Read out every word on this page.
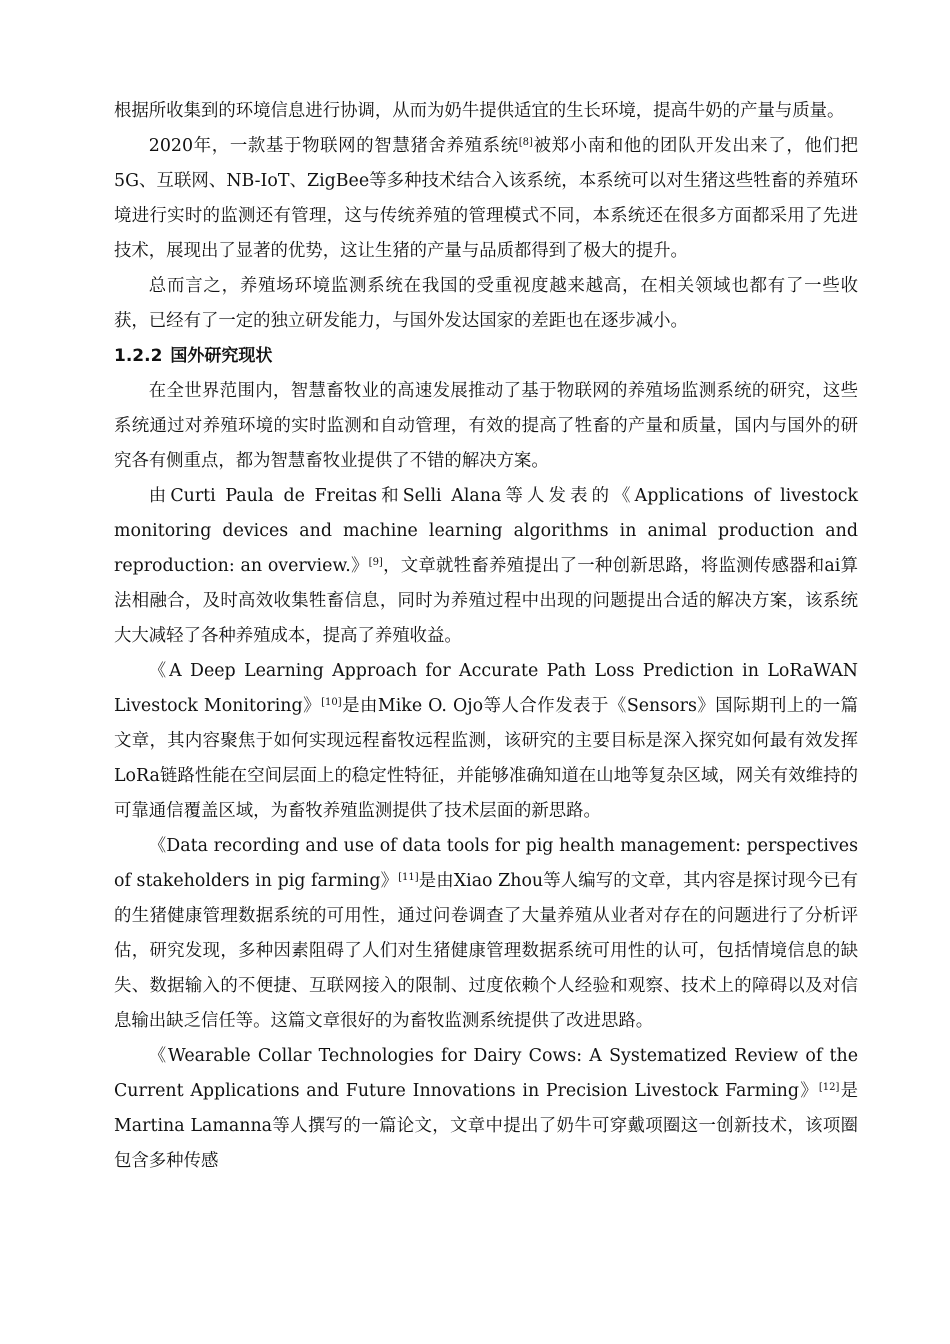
根据所收集到的环境信息进行协调，从而为奶牛提供适宜的生长环境，提高牛奶的产量与质量。

2020年，一款基于物联网的智慧猪舍养殖系统[8]被郑小南和他的团队开发出来了，他们把5G、互联网、NB-IoT、ZigBee等多种技术结合入该系统，本系统可以对生猪这些牲畜的养殖环境进行实时的监测还有管理，这与传统养殖的管理模式不同，本系统还在很多方面都采用了先进技术，展现出了显著的优势，这让生猪的产量与品质都得到了极大的提升。

总而言之，养殖场环境监测系统在我国的受重视度越来越高，在相关领域也都有了一些收获，已经有了一定的独立研发能力，与国外发达国家的差距也在逐步减小。

1.2.2 国外研究现状

在全世界范围内，智慧畜牧业的高速发展推动了基于物联网的养殖场监测系统的研究，这些系统通过对养殖环境的实时监测和自动管理，有效的提高了牲畜的产量和质量，国内与国外的研究各有侧重点，都为智慧畜牧业提供了不错的解决方案。

由Curti Paula de Freitas和Selli Alana等人发表的《Applications of livestock monitoring devices and machine learning algorithms in animal production and reproduction: an overview.》[9]，文章就牲畜养殖提出了一种创新思路，将监测传感器和ai算法相融合，及时高效收集牲畜信息，同时为养殖过程中出现的问题提出合适的解决方案，该系统大大减轻了各种养殖成本，提高了养殖收益。

《A Deep Learning Approach for Accurate Path Loss Prediction in LoRaWAN Livestock Monitoring》[10]是由Mike O. Ojo等人合作发表于《Sensors》国际期刊上的一篇文章，其内容聚焦于如何实现远程畜牧远程监测，该研究的主要目标是深入探究如何最有效发挥LoRa链路性能在空间层面上的稳定性特征，并能够准确知道在山地等复杂区域，网关有效维持的可靠通信覆盖区域，为畜牧养殖监测提供了技术层面的新思路。

《Data recording and use of data tools for pig health management: perspectives of stakeholders in pig farming》[11]是由Xiao Zhou等人编写的文章，其内容是探讨现今已有的生猪健康管理数据系统的可用性，通过问卷调查了大量养殖从业者对存在的问题进行了分析评估，研究发现，多种因素阻碍了人们对生猪健康管理数据系统可用性的认可，包括情境信息的缺失、数据输入的不便捷、互联网接入的限制、过度依赖个人经验和观察、技术上的障碍以及对信息输出缺乏信任等。这篇文章很好的为畜牧监测系统提供了改进思路。

《Wearable Collar Technologies for Dairy Cows: A Systematized Review of the Current Applications and Future Innovations in Precision Livestock Farming》[12]是Martina Lamanna等人撰写的一篇论文，文章中提出了奶牛可穿戴项圈这一创新技术，该项圈包含多种传感
